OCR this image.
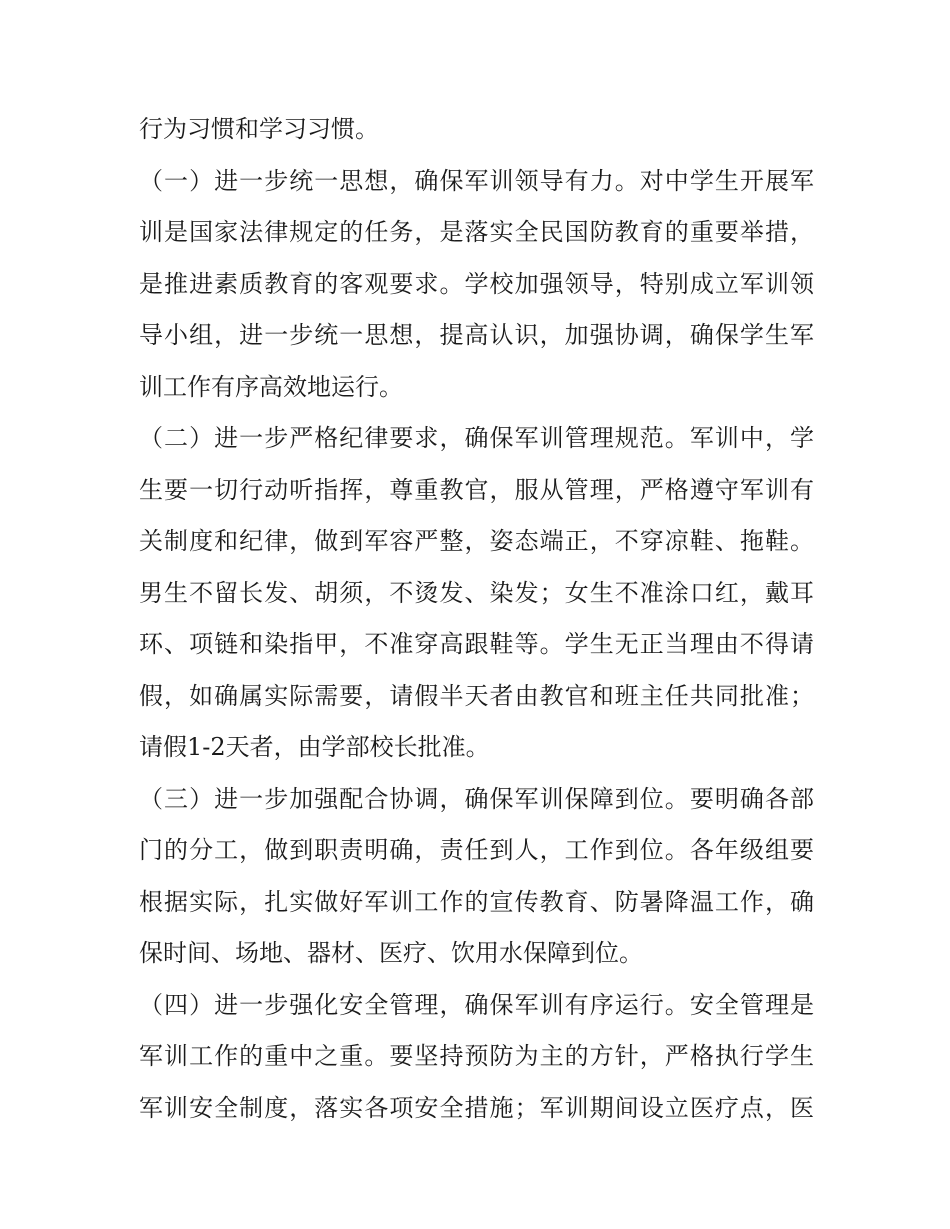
行为习惯和学习习惯。
（一）进一步统一思想，确保军训领导有力。对中学生开展军
训是国家法律规定的任务，是落实全民国防教育的重要举措，
是推进素质教育的客观要求。学校加强领导，特别成立军训领
导小组，进一步统一思想，提高认识，加强协调，确保学生军
训工作有序高效地运行。
（二）进一步严格纪律要求，确保军训管理规范。军训中，学
生要一切行动听指挥，尊重教官，服从管理，严格遵守军训有
关制度和纪律，做到军容严整，姿态端正，不穿凉鞋、拖鞋。
男生不留长发、胡须，不烫发、染发；女生不准涂口红，戴耳
环、项链和染指甲，不准穿高跟鞋等。学生无正当理由不得请
假，如确属实际需要，请假半天者由教官和班主任共同批准；
请假1-2天者，由学部校长批准。
（三）进一步加强配合协调，确保军训保障到位。要明确各部
门的分工，做到职责明确，责任到人，工作到位。各年级组要
根据实际，扎实做好军训工作的宣传教育、防暑降温工作，确
保时间、场地、器材、医疗、饮用水保障到位。
（四）进一步强化安全管理，确保军训有序运行。安全管理是
军训工作的重中之重。要坚持预防为主的方针，严格执行学生
军训安全制度，落实各项安全措施；军训期间设立医疗点，医
